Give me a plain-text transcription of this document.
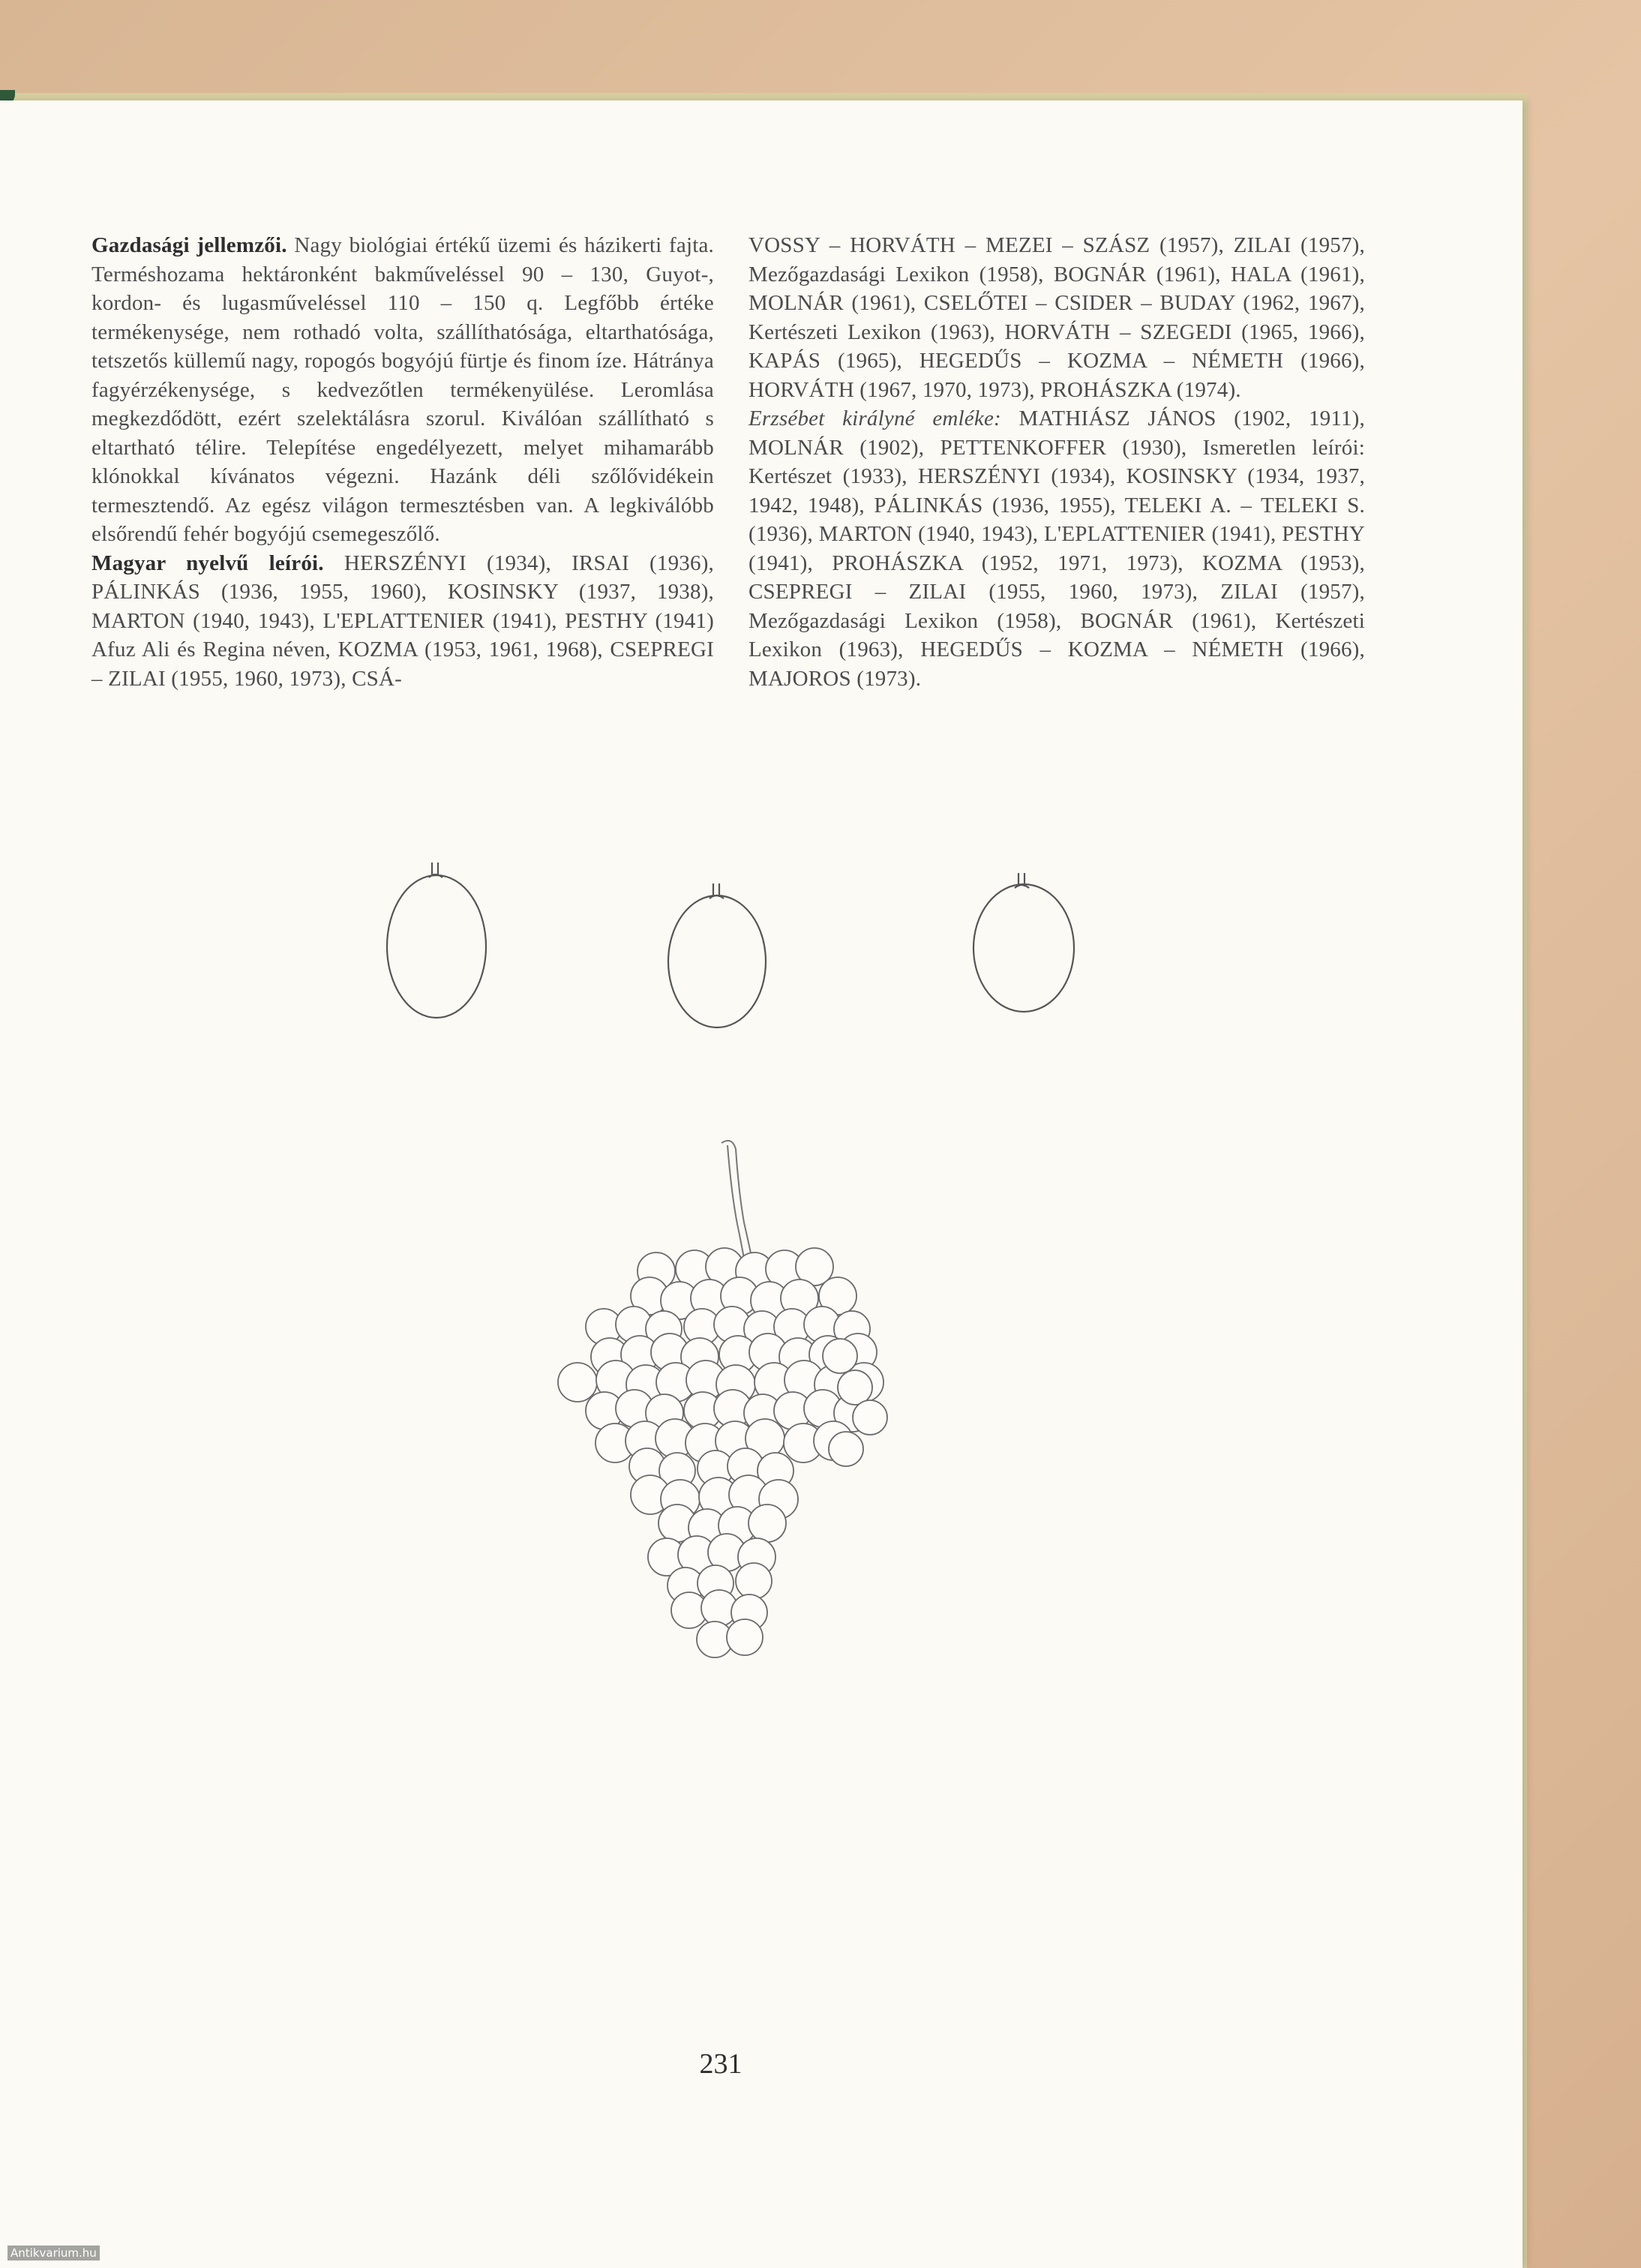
Gazdasági jellemzői. Nagy biológiai értékű üzemi és házikerti fajta. Terméshozama hektáronként bakműveléssel 90 – 130, Guyot-, kordon- és lugasműveléssel 110 – 150 q. Legfőbb értéke termékenysége, nem rothadó volta, szállíthatósága, eltarthatósága, tetszetős küllemű nagy, ropogós bogyójú fürtje és finom íze. Hátránya fagyérzékenysége, s kedvezőtlen termékenyülése. Leromlása megkezdődött, ezért szelektálásra szorul. Kiválóan szállítható s eltartható télire. Telepítése engedélyezett, melyet mihamarább klónokkal kívánatos végezni. Hazánk déli szőlővidékein termesztendő. Az egész világon termesztésben van. A legkiválóbb elsőrendű fehér bogyójú csemegeszőlő.

Magyar nyelvű leírói. HERSZÉNYI (1934), IRSAI (1936), PÁLINKÁS (1936, 1955, 1960), KOSINSKY (1937, 1938), MARTON (1940, 1943), L'EPLATTENIER (1941), PESTHY (1941) Afuz Ali és Regina néven, KOZMA (1953, 1961, 1968), CSEPREGI – ZILAI (1955, 1960, 1973), CSÁ-

VOSSY – HORVÁTH – MEZEI – SZÁSZ (1957), ZILAI (1957), Mezőgazdasági Lexikon (1958), BOGNÁR (1961), HALA (1961), MOLNÁR (1961), CSELŐTEI – CSIDER – BUDAY (1962, 1967), Kertészeti Lexikon (1963), HORVÁTH – SZEGEDI (1965, 1966), KAPÁS (1965), HEGEDŰS – KOZMA – NÉMETH (1966), HORVÁTH (1967, 1970, 1973), PROHÁSZKA (1974).

Erzsébet királyné emléke: MATHIÁSZ JÁNOS (1902, 1911), MOLNÁR (1902), PETTENKOFFER (1930), Ismeretlen leírói: Kertészet (1933), HERSZÉNYI (1934), KOSINSKY (1934, 1937, 1942, 1948), PÁLINKÁS (1936, 1955), TELEKI A. – TELEKI S. (1936), MARTON (1940, 1943), L'EPLATTENIER (1941), PESTHY (1941), PROHÁSZKA (1952, 1971, 1973), KOZMA (1953), CSEPREGI – ZILAI (1955, 1960, 1973), ZILAI (1957), Mezőgazdasági Lexikon (1958), BOGNÁR (1961), Kertészeti Lexikon (1963), HEGEDŰS – KOZMA – NÉMETH (1966), MAJOROS (1973).

231
Antikvarium.hu
